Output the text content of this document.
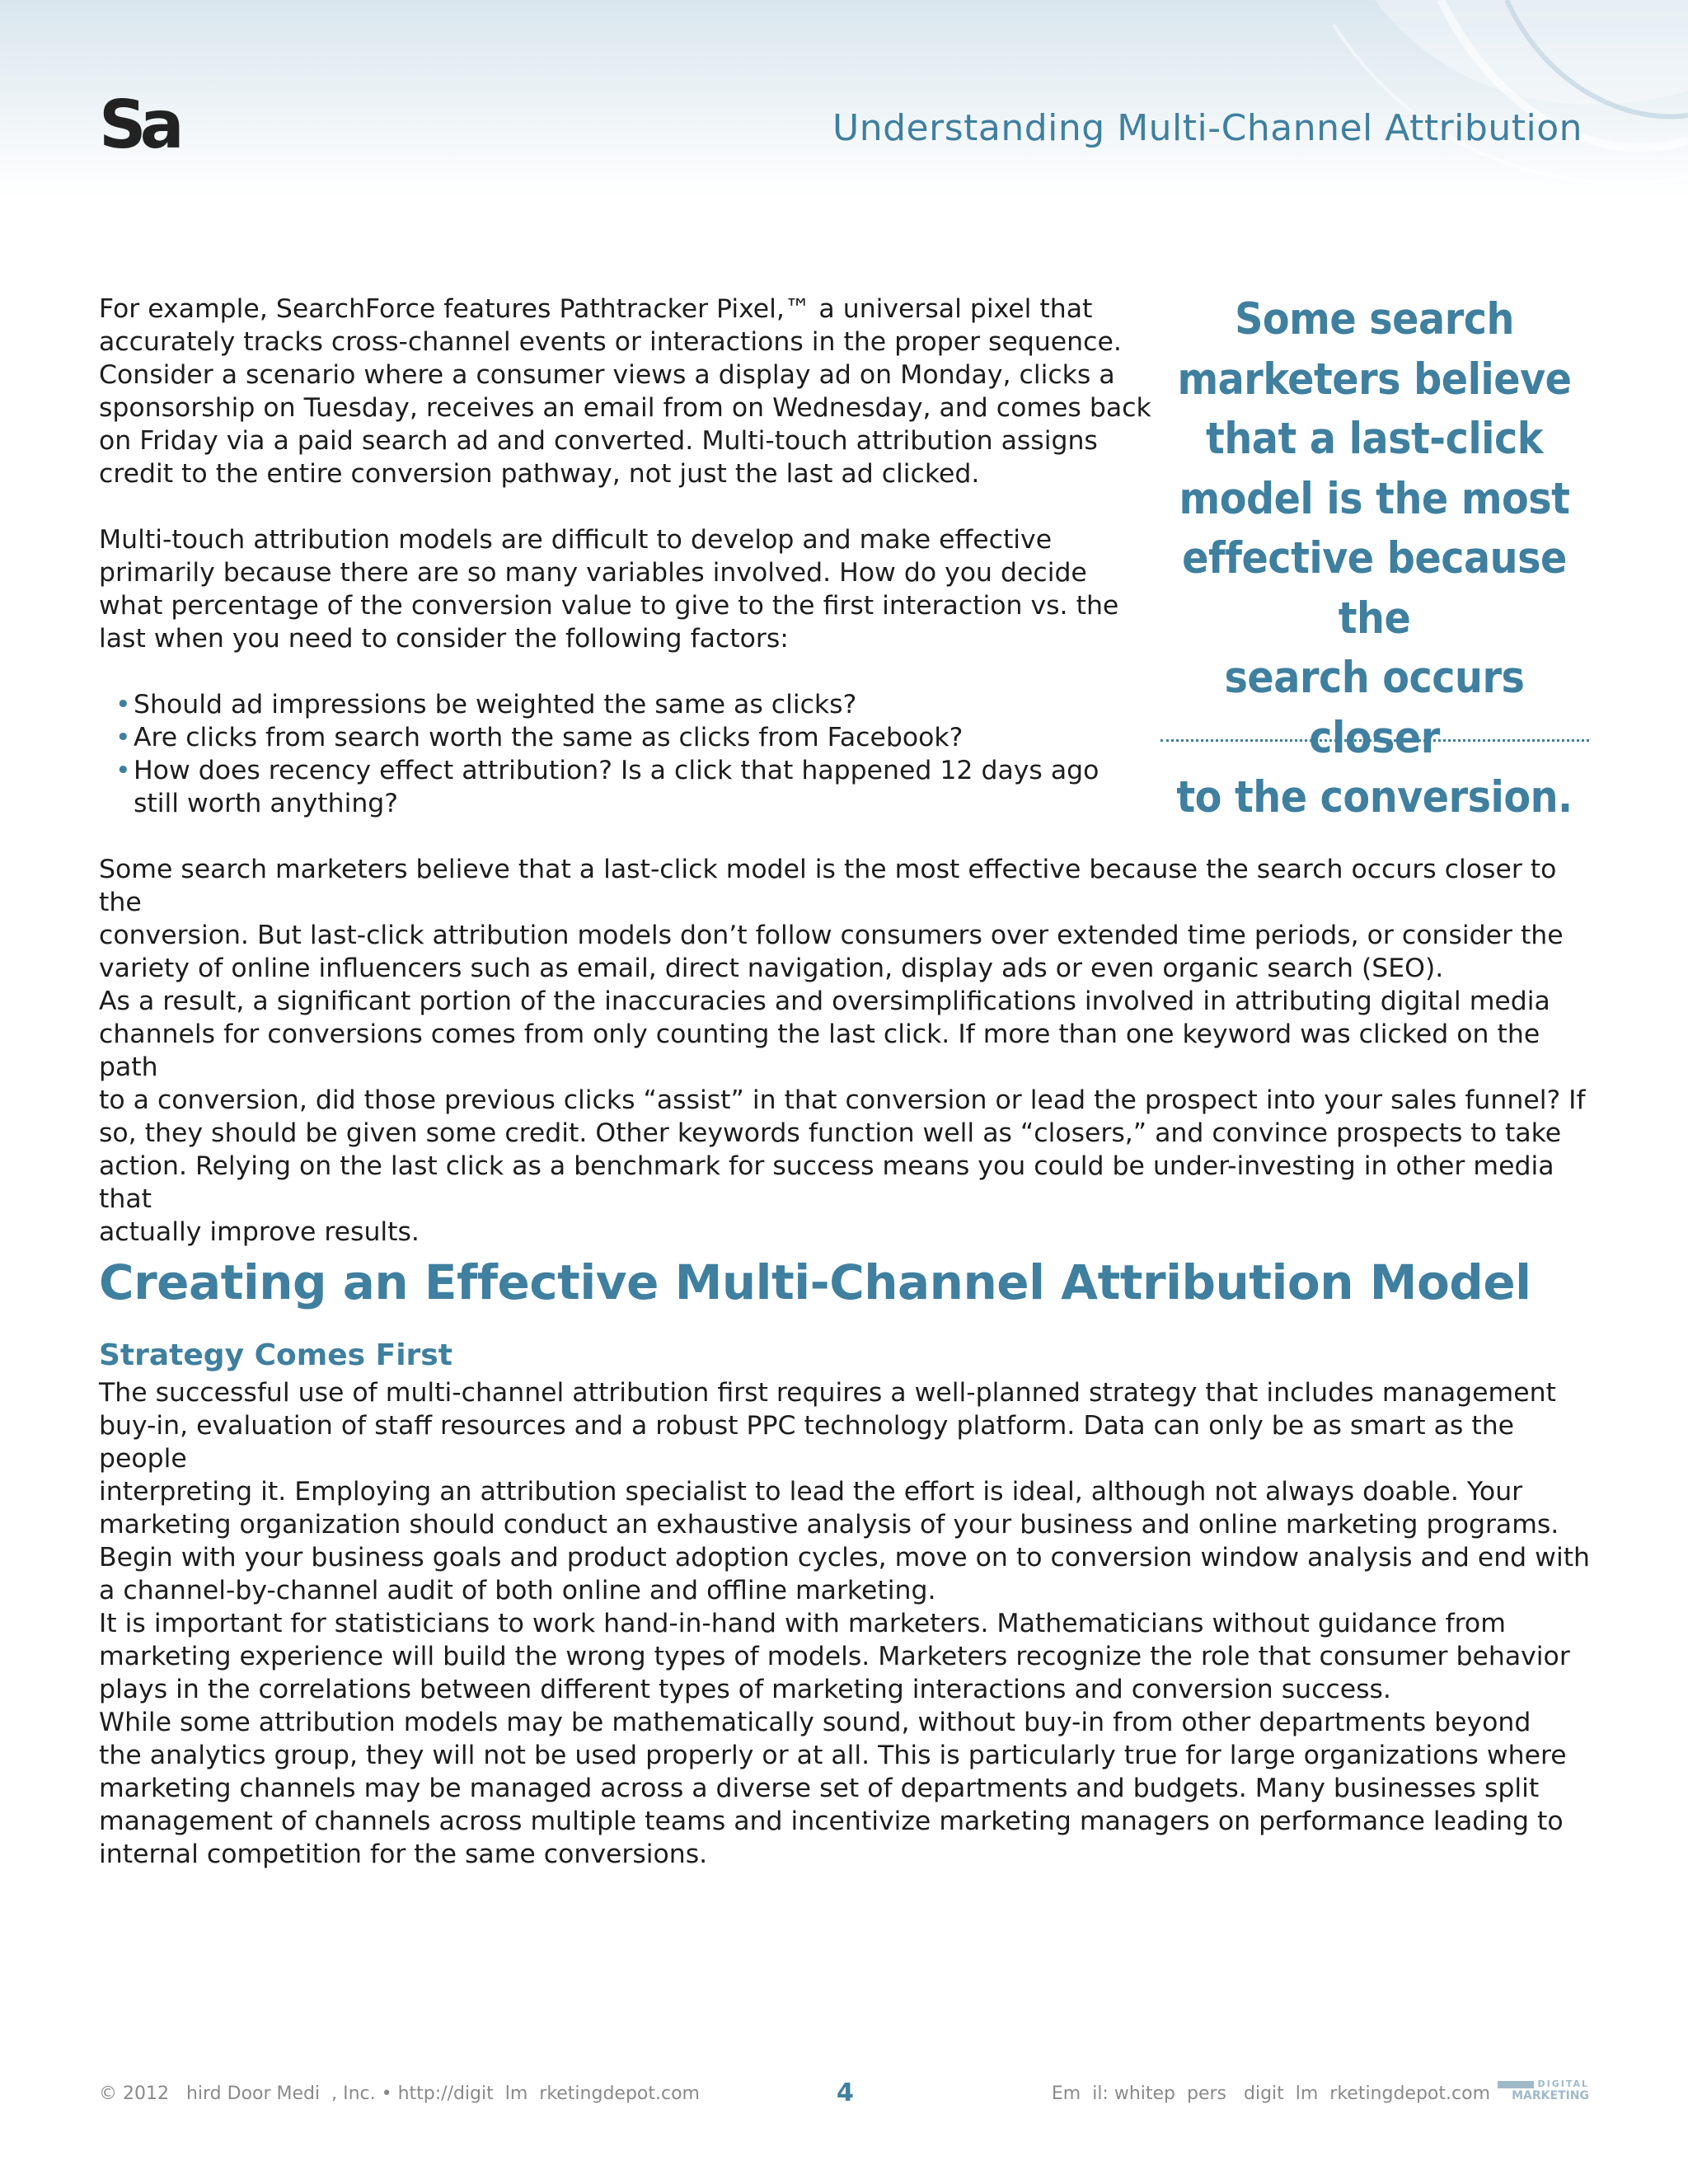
Sa	Understanding Multi-Channel Attribution

For example, SearchForce features Pathtracker Pixel,™ a universal pixel that
accurately tracks cross-channel events or interactions in the proper sequence.
Consider a scenario where a consumer views a display ad on Monday, clicks a
sponsorship on Tuesday, receives an email from on Wednesday, and comes back
on Friday via a paid search ad and converted. Multi-touch attribution assigns
credit to the entire conversion pathway, not just the last ad clicked.

Multi-touch attribution models are difficult to develop and make effective
primarily because there are so many variables involved. How do you decide
what percentage of the conversion value to give to the first interaction vs. the
last when you need to consider the following factors:

• Should ad impressions be weighted the same as clicks?
• Are clicks from search worth the same as clicks from Facebook?
• How does recency effect attribution? Is a click that happened 12 days ago
still worth anything?
Some search
marketers believe
that a last-click
model is the most
effective because the
search occurs closer
to the conversion.

Some search marketers believe that a last-click model is the most effective because the search occurs closer to the
conversion. But last-click attribution models don’t follow consumers over extended time periods, or consider the
variety of online influencers such as email, direct navigation, display ads or even organic search (SEO).

As a result, a significant portion of the inaccuracies and oversimplifications involved in attributing digital media
channels for conversions comes from only counting the last click. If more than one keyword was clicked on the path
to a conversion, did those previous clicks “assist” in that conversion or lead the prospect into your sales funnel? If
so, they should be given some credit. Other keywords function well as “closers,” and convince prospects to take
action. Relying on the last click as a benchmark for success means you could be under-investing in other media that
actually improve results.

Creating an Effective Multi-Channel Attribution Model
Strategy Comes First

The successful use of multi-channel attribution first requires a well-planned strategy that includes management
buy-in, evaluation of staff resources and a robust PPC technology platform. Data can only be as smart as the people
interpreting it. Employing an attribution specialist to lead the effort is ideal, although not always doable. Your
marketing organization should conduct an exhaustive analysis of your business and online marketing programs.
Begin with your business goals and product adoption cycles, move on to conversion window analysis and end with
a channel-by-channel audit of both online and offline marketing.

It is important for statisticians to work hand-in-hand with marketers. Mathematicians without guidance from
marketing experience will build the wrong types of models. Marketers recognize the role that consumer behavior
plays in the correlations between different types of marketing interactions and conversion success.
While some attribution models may be mathematically sound, without buy-in from other departments beyond
the analytics group, they will not be used properly or at all. This is particularly true for large organizations where
marketing channels may be managed across a diverse set of departments and budgets. Many businesses split
management of channels across multiple teams and incentivize marketing managers on performance leading to
internal competition for the same conversions.

© 2012   hird Door Medi  , Inc. • http://digit  lm  rketingdepot.com	4	Em  il: whitep  pers   digit  lm  rketingdepot.com	DIGITAL
MARKETING
